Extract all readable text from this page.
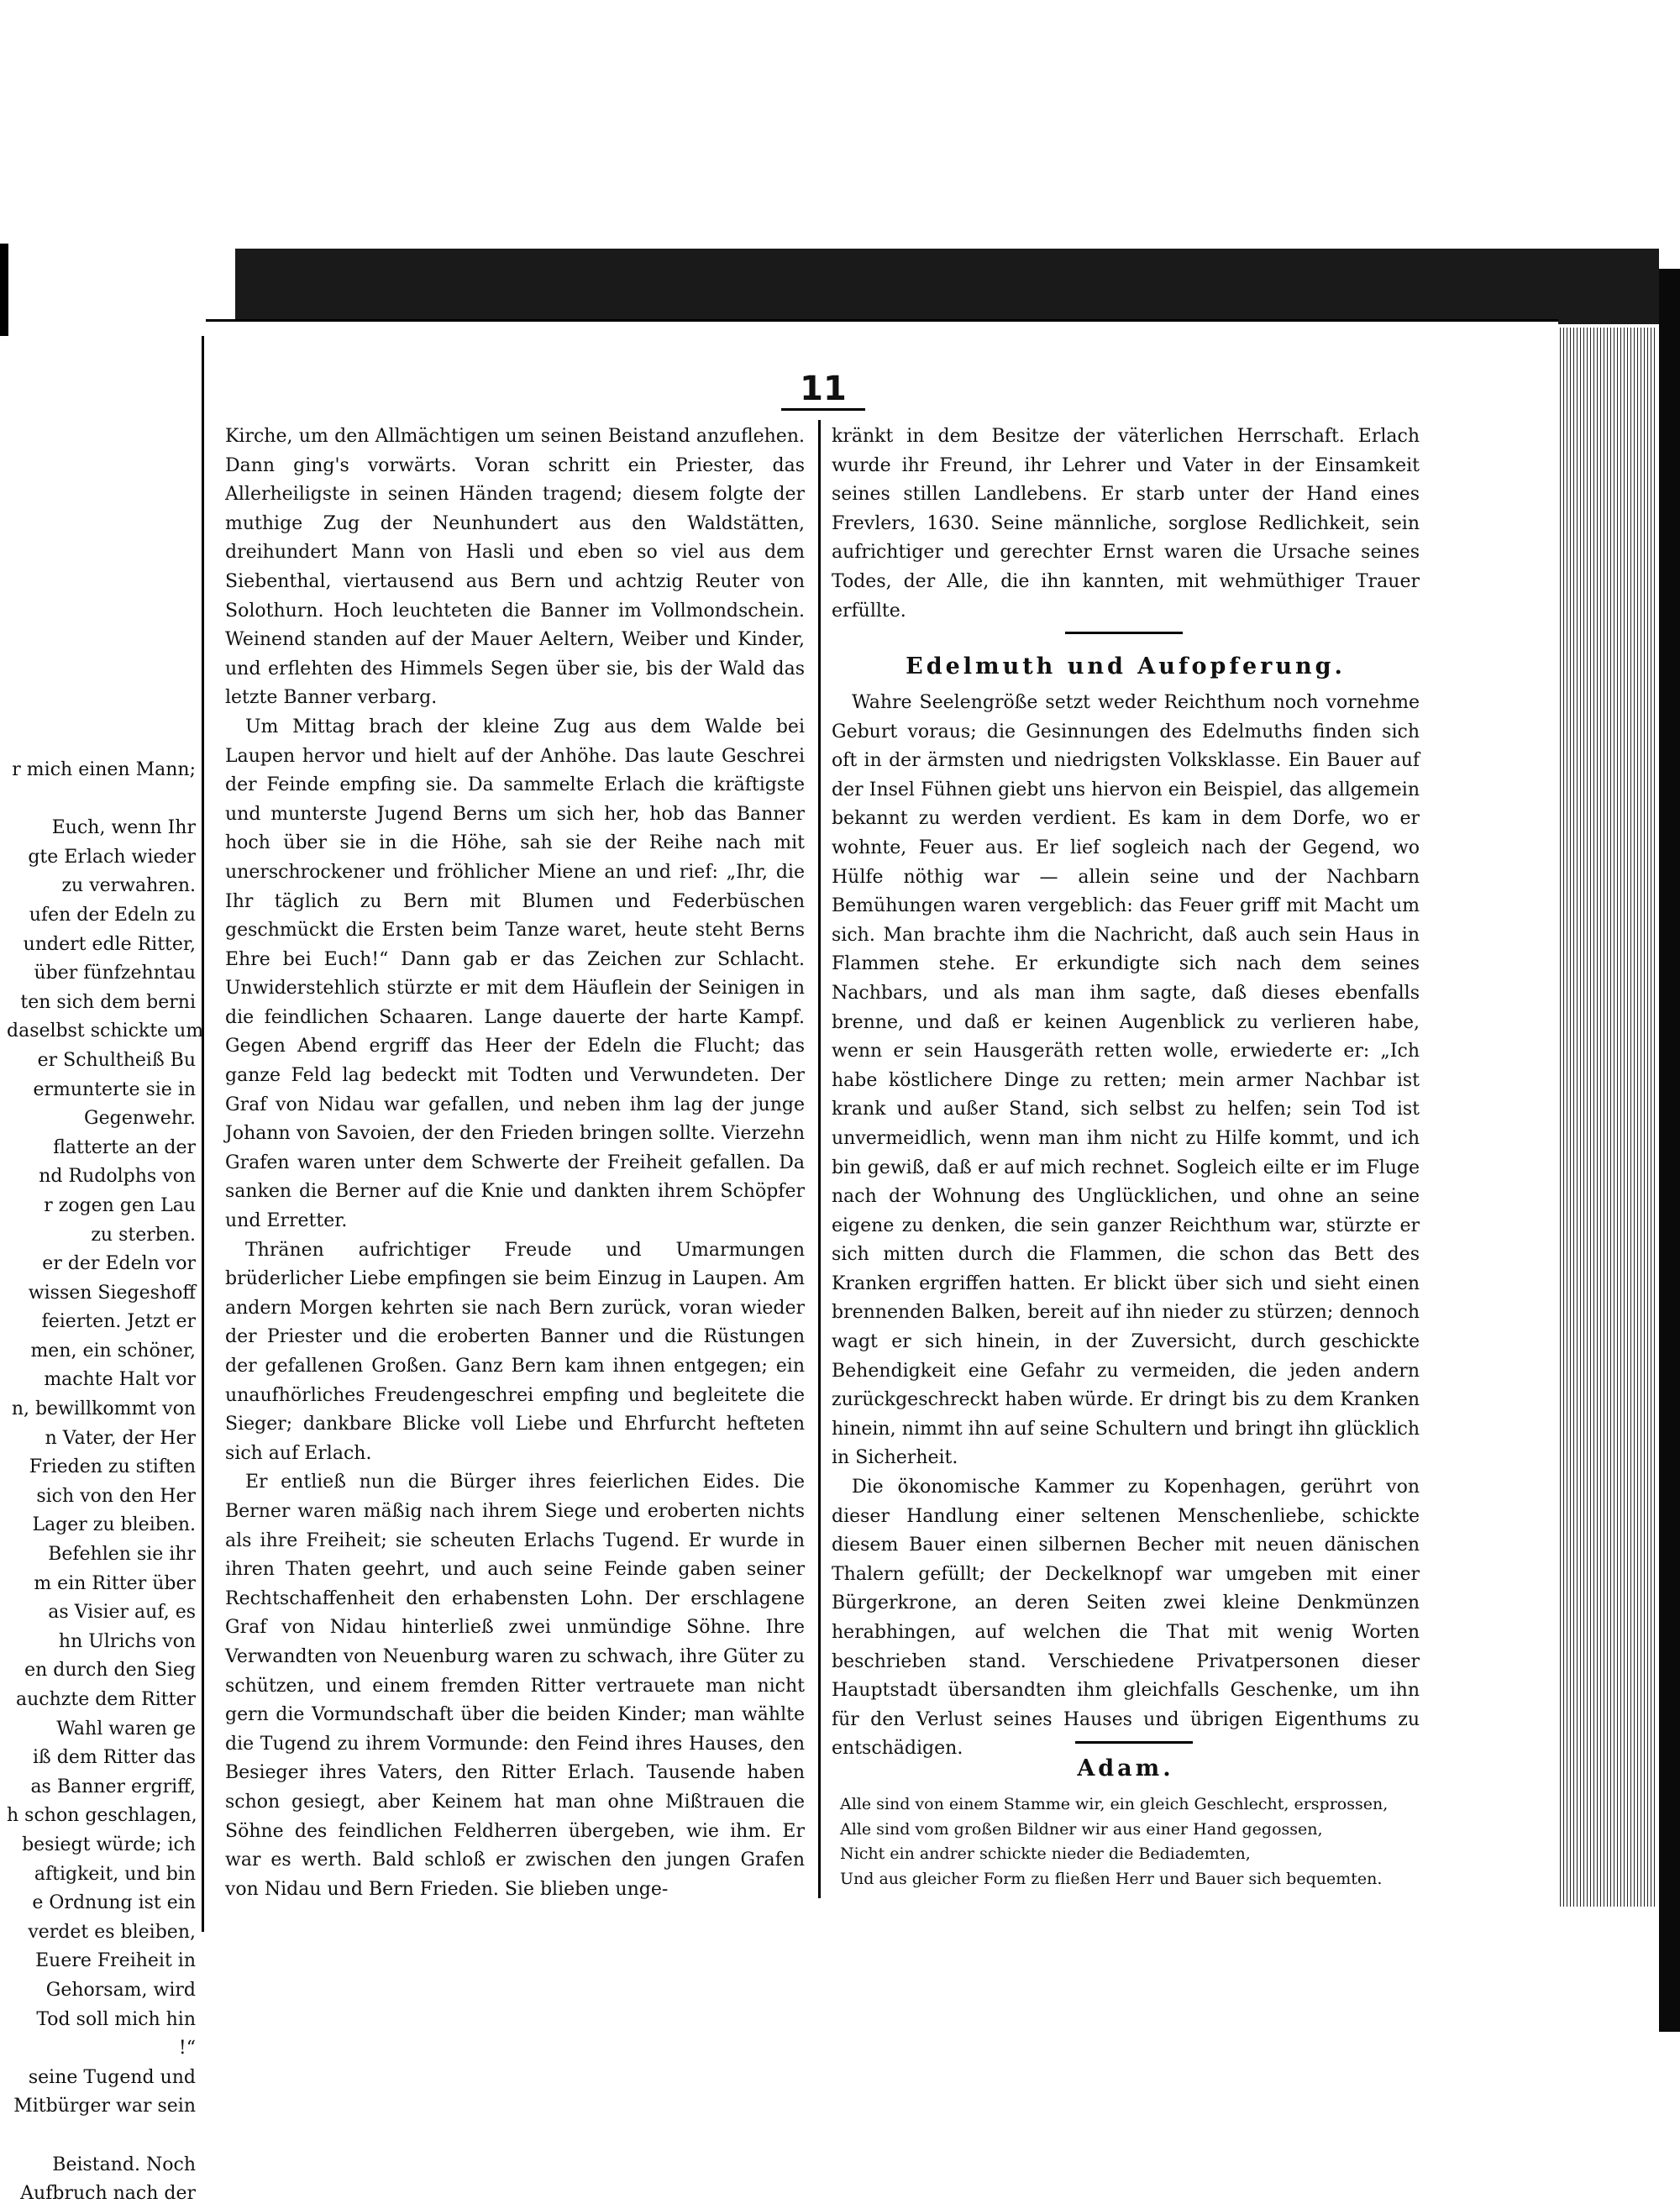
r mich einen Mann;

Euch, wenn Ihr
gte Erlach wieder
zu verwahren.
ufen der Edeln zu
undert edle Ritter,
über fünfzehntau
ten sich dem berni
daselbst schickte um
er Schultheiß Bu
ermunterte sie in
Gegenwehr.
flatterte an der
nd Rudolphs von
r zogen gen Lau
zu sterben.
er der Edeln vor
wissen Siegeshoff
feierten. Jetzt er
men, ein schöner,
machte Halt vor
n, bewillkommt von
n Vater, der Her
Frieden zu stiften
sich von den Her
Lager zu bleiben.
Befehlen sie ihr
m ein Ritter über
as Visier auf, es
hn Ulrichs von
en durch den Sieg
auchzte dem Ritter
Wahl waren ge
iß dem Ritter das
as Banner ergriff,
h schon geschlagen,
besiegt würde; ich
aftigkeit, und bin
e Ordnung ist ein
verdet es bleiben,
Euere Freiheit in
Gehorsam, wird
Tod soll mich hin
!“
seine Tugend und
Mitbürger war sein

Beistand. Noch
Aufbruch nach der
11

Kirche, um den Allmächtigen um seinen Beistand anzuflehen. Dann ging's vorwärts. Voran schritt ein Priester, das Allerheiligste in seinen Händen tragend; diesem folgte der muthige Zug der Neunhundert aus den Waldstätten, dreihundert Mann von Hasli und eben so viel aus dem Siebenthal, viertausend aus Bern und achtzig Reuter von Solothurn. Hoch leuchteten die Banner im Vollmondschein. Weinend standen auf der Mauer Aeltern, Weiber und Kinder, und erflehten des Himmels Segen über sie, bis der Wald das letzte Banner verbarg.

Um Mittag brach der kleine Zug aus dem Walde bei Laupen hervor und hielt auf der Anhöhe. Das laute Geschrei der Feinde empfing sie. Da sammelte Erlach die kräftigste und munterste Jugend Berns um sich her, hob das Banner hoch über sie in die Höhe, sah sie der Reihe nach mit unerschrockener und fröhlicher Miene an und rief: „Ihr, die Ihr täglich zu Bern mit Blumen und Federbüschen geschmückt die Ersten beim Tanze waret, heute steht Berns Ehre bei Euch!“ Dann gab er das Zeichen zur Schlacht. Unwiderstehlich stürzte er mit dem Häuflein der Seinigen in die feindlichen Schaaren. Lange dauerte der harte Kampf. Gegen Abend ergriff das Heer der Edeln die Flucht; das ganze Feld lag bedeckt mit Todten und Verwundeten. Der Graf von Nidau war gefallen, und neben ihm lag der junge Johann von Savoien, der den Frieden bringen sollte. Vierzehn Grafen waren unter dem Schwerte der Freiheit gefallen. Da sanken die Berner auf die Knie und dankten ihrem Schöpfer und Erretter.

Thränen aufrichtiger Freude und Umarmungen brüderlicher Liebe empfingen sie beim Einzug in Laupen. Am andern Morgen kehrten sie nach Bern zurück, voran wieder der Priester und die eroberten Banner und die Rüstungen der gefallenen Großen. Ganz Bern kam ihnen entgegen; ein unaufhörliches Freudengeschrei empfing und begleitete die Sieger; dankbare Blicke voll Liebe und Ehrfurcht hefteten sich auf Erlach.

Er entließ nun die Bürger ihres feierlichen Eides. Die Berner waren mäßig nach ihrem Siege und eroberten nichts als ihre Freiheit; sie scheuten Erlachs Tugend. Er wurde in ihren Thaten geehrt, und auch seine Feinde gaben seiner Rechtschaffenheit den erhabensten Lohn. Der erschlagene Graf von Nidau hinterließ zwei unmündige Söhne. Ihre Verwandten von Neuenburg waren zu schwach, ihre Güter zu schützen, und einem fremden Ritter vertrauete man nicht gern die Vormundschaft über die beiden Kinder; man wählte die Tugend zu ihrem Vormunde: den Feind ihres Hauses, den Besieger ihres Vaters, den Ritter Erlach. Tausende haben schon gesiegt, aber Keinem hat man ohne Mißtrauen die Söhne des feindlichen Feldherren übergeben, wie ihm. Er war es werth. Bald schloß er zwischen den jungen Grafen von Nidau und Bern Frieden. Sie blieben unge-

kränkt in dem Besitze der väterlichen Herrschaft. Erlach wurde ihr Freund, ihr Lehrer und Vater in der Einsamkeit seines stillen Landlebens. Er starb unter der Hand eines Frevlers, 1630. Seine männliche, sorglose Redlichkeit, sein aufrichtiger und gerechter Ernst waren die Ursache seines Todes, der Alle, die ihn kannten, mit wehmüthiger Trauer erfüllte.

Edelmuth und Aufopferung.

Wahre Seelengröße setzt weder Reichthum noch vornehme Geburt voraus; die Gesinnungen des Edelmuths finden sich oft in der ärmsten und niedrigsten Volksklasse. Ein Bauer auf der Insel Fühnen giebt uns hiervon ein Beispiel, das allgemein bekannt zu werden verdient. Es kam in dem Dorfe, wo er wohnte, Feuer aus. Er lief sogleich nach der Gegend, wo Hülfe nöthig war — allein seine und der Nachbarn Bemühungen waren vergeblich: das Feuer griff mit Macht um sich. Man brachte ihm die Nachricht, daß auch sein Haus in Flammen stehe. Er erkundigte sich nach dem seines Nachbars, und als man ihm sagte, daß dieses ebenfalls brenne, und daß er keinen Augenblick zu verlieren habe, wenn er sein Hausgeräth retten wolle, erwiederte er: „Ich habe köstlichere Dinge zu retten; mein armer Nachbar ist krank und außer Stand, sich selbst zu helfen; sein Tod ist unvermeidlich, wenn man ihm nicht zu Hilfe kommt, und ich bin gewiß, daß er auf mich rechnet. Sogleich eilte er im Fluge nach der Wohnung des Unglücklichen, und ohne an seine eigene zu denken, die sein ganzer Reichthum war, stürzte er sich mitten durch die Flammen, die schon das Bett des Kranken ergriffen hatten. Er blickt über sich und sieht einen brennenden Balken, bereit auf ihn nieder zu stürzen; dennoch wagt er sich hinein, in der Zuversicht, durch geschickte Behendigkeit eine Gefahr zu vermeiden, die jeden andern zurückgeschreckt haben würde. Er dringt bis zu dem Kranken hinein, nimmt ihn auf seine Schultern und bringt ihn glücklich in Sicherheit.

Die ökonomische Kammer zu Kopenhagen, gerührt von dieser Handlung einer seltenen Menschenliebe, schickte diesem Bauer einen silbernen Becher mit neuen dänischen Thalern gefüllt; der Deckelknopf war umgeben mit einer Bürgerkrone, an deren Seiten zwei kleine Denkmünzen herabhingen, auf welchen die That mit wenig Worten beschrieben stand. Verschiedene Privatpersonen dieser Hauptstadt übersandten ihm gleichfalls Geschenke, um ihn für den Verlust seines Hauses und übrigen Eigenthums zu entschädigen.

Adam.
Alle sind von einem Stamme wir, ein gleich Geschlecht, ersprossen,
Alle sind vom großen Bildner wir aus einer Hand gegossen,
Nicht ein andrer schickte nieder die Bediademten,
Und aus gleicher Form zu fließen Herr und Bauer sich bequemten.
